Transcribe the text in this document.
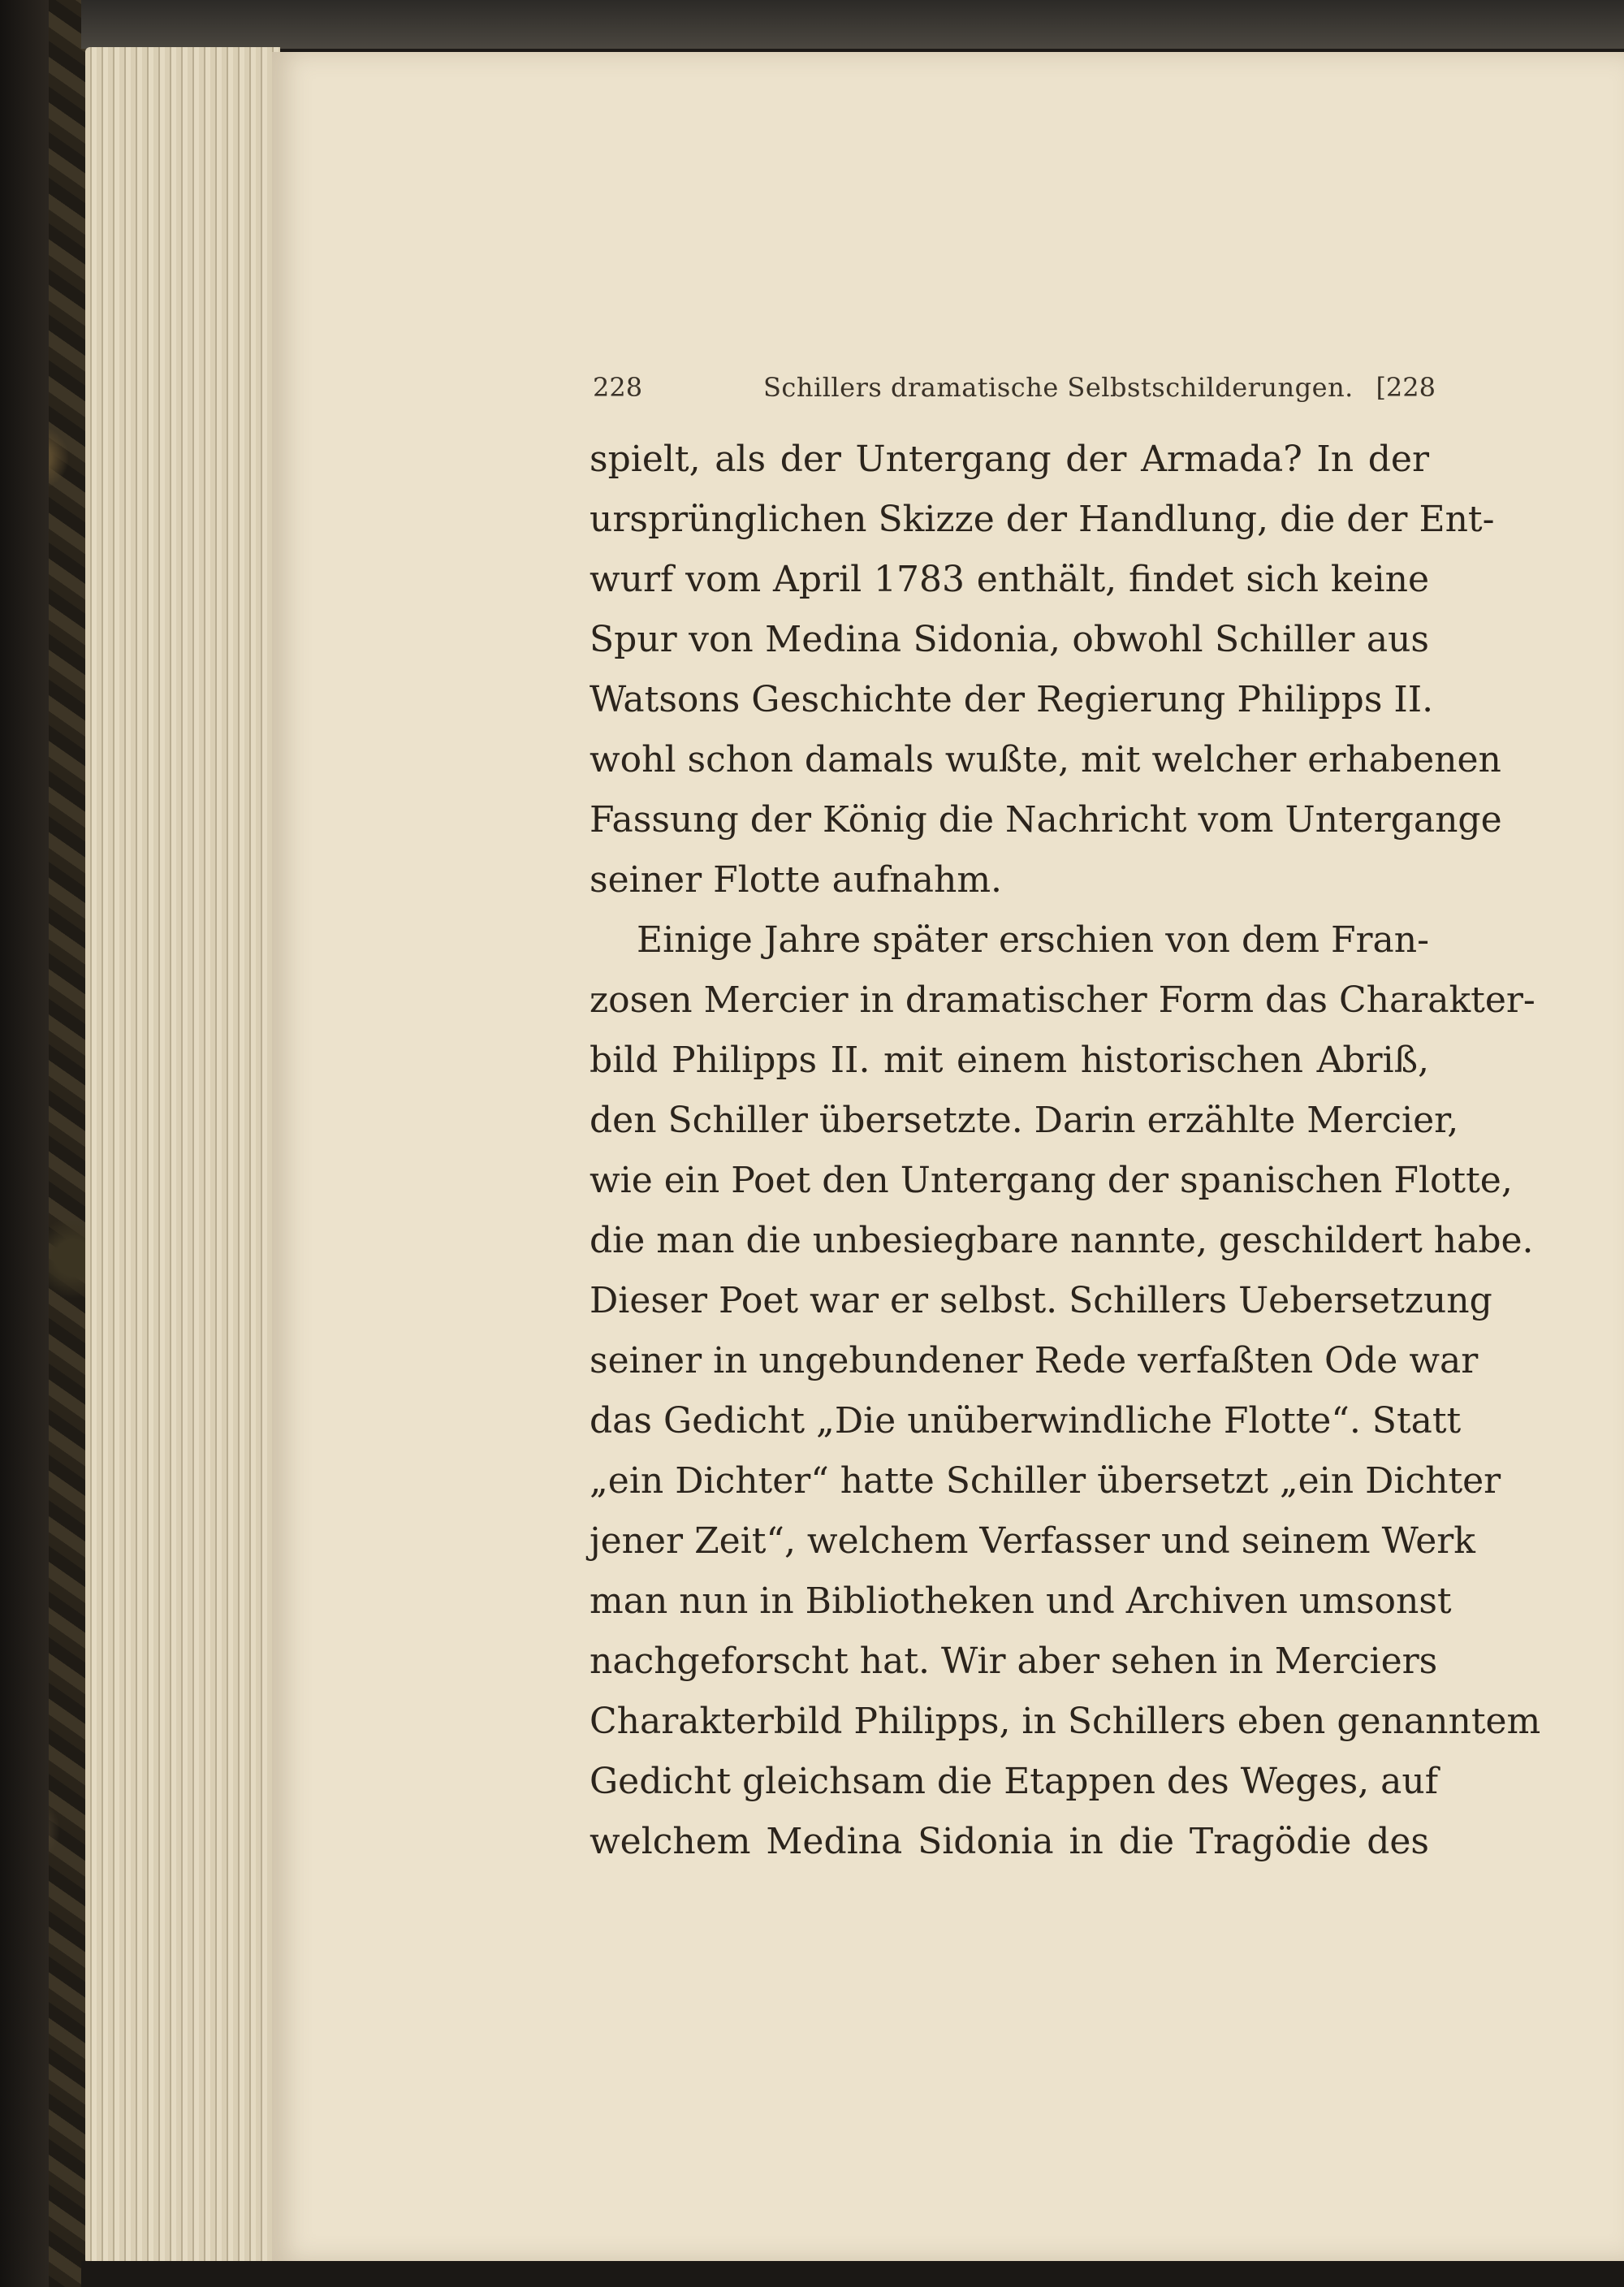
228	Schillers dramatische Selbstschilderungen. [228
spielt, als der Untergang der Armada? In der
ursprünglichen Skizze der Handlung, die der Ent-
wurf vom April 1783 enthält, findet sich keine
Spur von Medina Sidonia, obwohl Schiller aus
Watsons Geschichte der Regierung Philipps II.
wohl schon damals wußte, mit welcher erhabenen
Fassung der König die Nachricht vom Untergange
seiner Flotte aufnahm.
Einige Jahre später erschien von dem Fran-
zosen Mercier in dramatischer Form das Charakter-
bild Philipps II. mit einem historischen Abriß,
den Schiller übersetzte. Darin erzählte Mercier,
wie ein Poet den Untergang der spanischen Flotte,
die man die unbesiegbare nannte, geschildert habe.
Dieser Poet war er selbst. Schillers Uebersetzung
seiner in ungebundener Rede verfaßten Ode war
das Gedicht „Die unüberwindliche Flotte“. Statt
„ein Dichter“ hatte Schiller übersetzt „ein Dichter
jener Zeit“, welchem Verfasser und seinem Werk
man nun in Bibliotheken und Archiven umsonst
nachgeforscht hat. Wir aber sehen in Merciers
Charakterbild Philipps, in Schillers eben genanntem
Gedicht gleichsam die Etappen des Weges, auf
welchem Medina Sidonia in die Tragödie des
